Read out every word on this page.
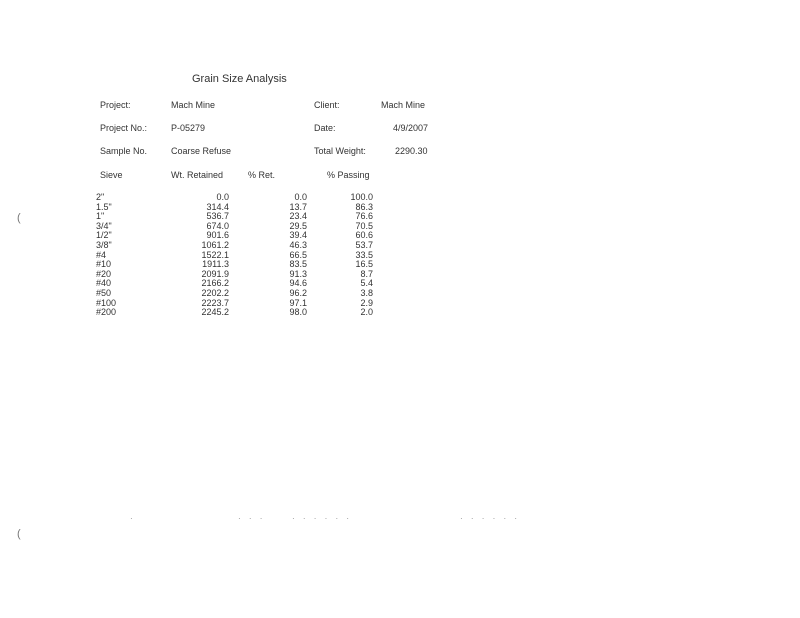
Grain Size Analysis
Project:	Mach Mine	Client:	Mach Mine
Project No.:	P-05279	Date:	4/9/2007
Sample No.	Coarse Refuse	Total Weight:	2290.30
Sieve	Wt. Retained	% Ret.	% Passing
2"	0.0	0.0	100.0
1.5"	314.4	13.7	86.3
1"	536.7	23.4	76.6
3/4"	674.0	29.5	70.5
1/2"	901.6	39.4	60.6
3/8"	1061.2	46.3	53.7
#4	1522.1	66.5	33.5
#10	1911.3	83.5	16.5
#20	2091.9	91.3	8.7
#40	2166.2	94.6	5.4
#50	2202.2	96.2	3.8
#100	2223.7	97.1	2.9
#200	2245.2	98.0	2.0
(
(
·	· · ·	· · · · · ·	· · · · · ·
